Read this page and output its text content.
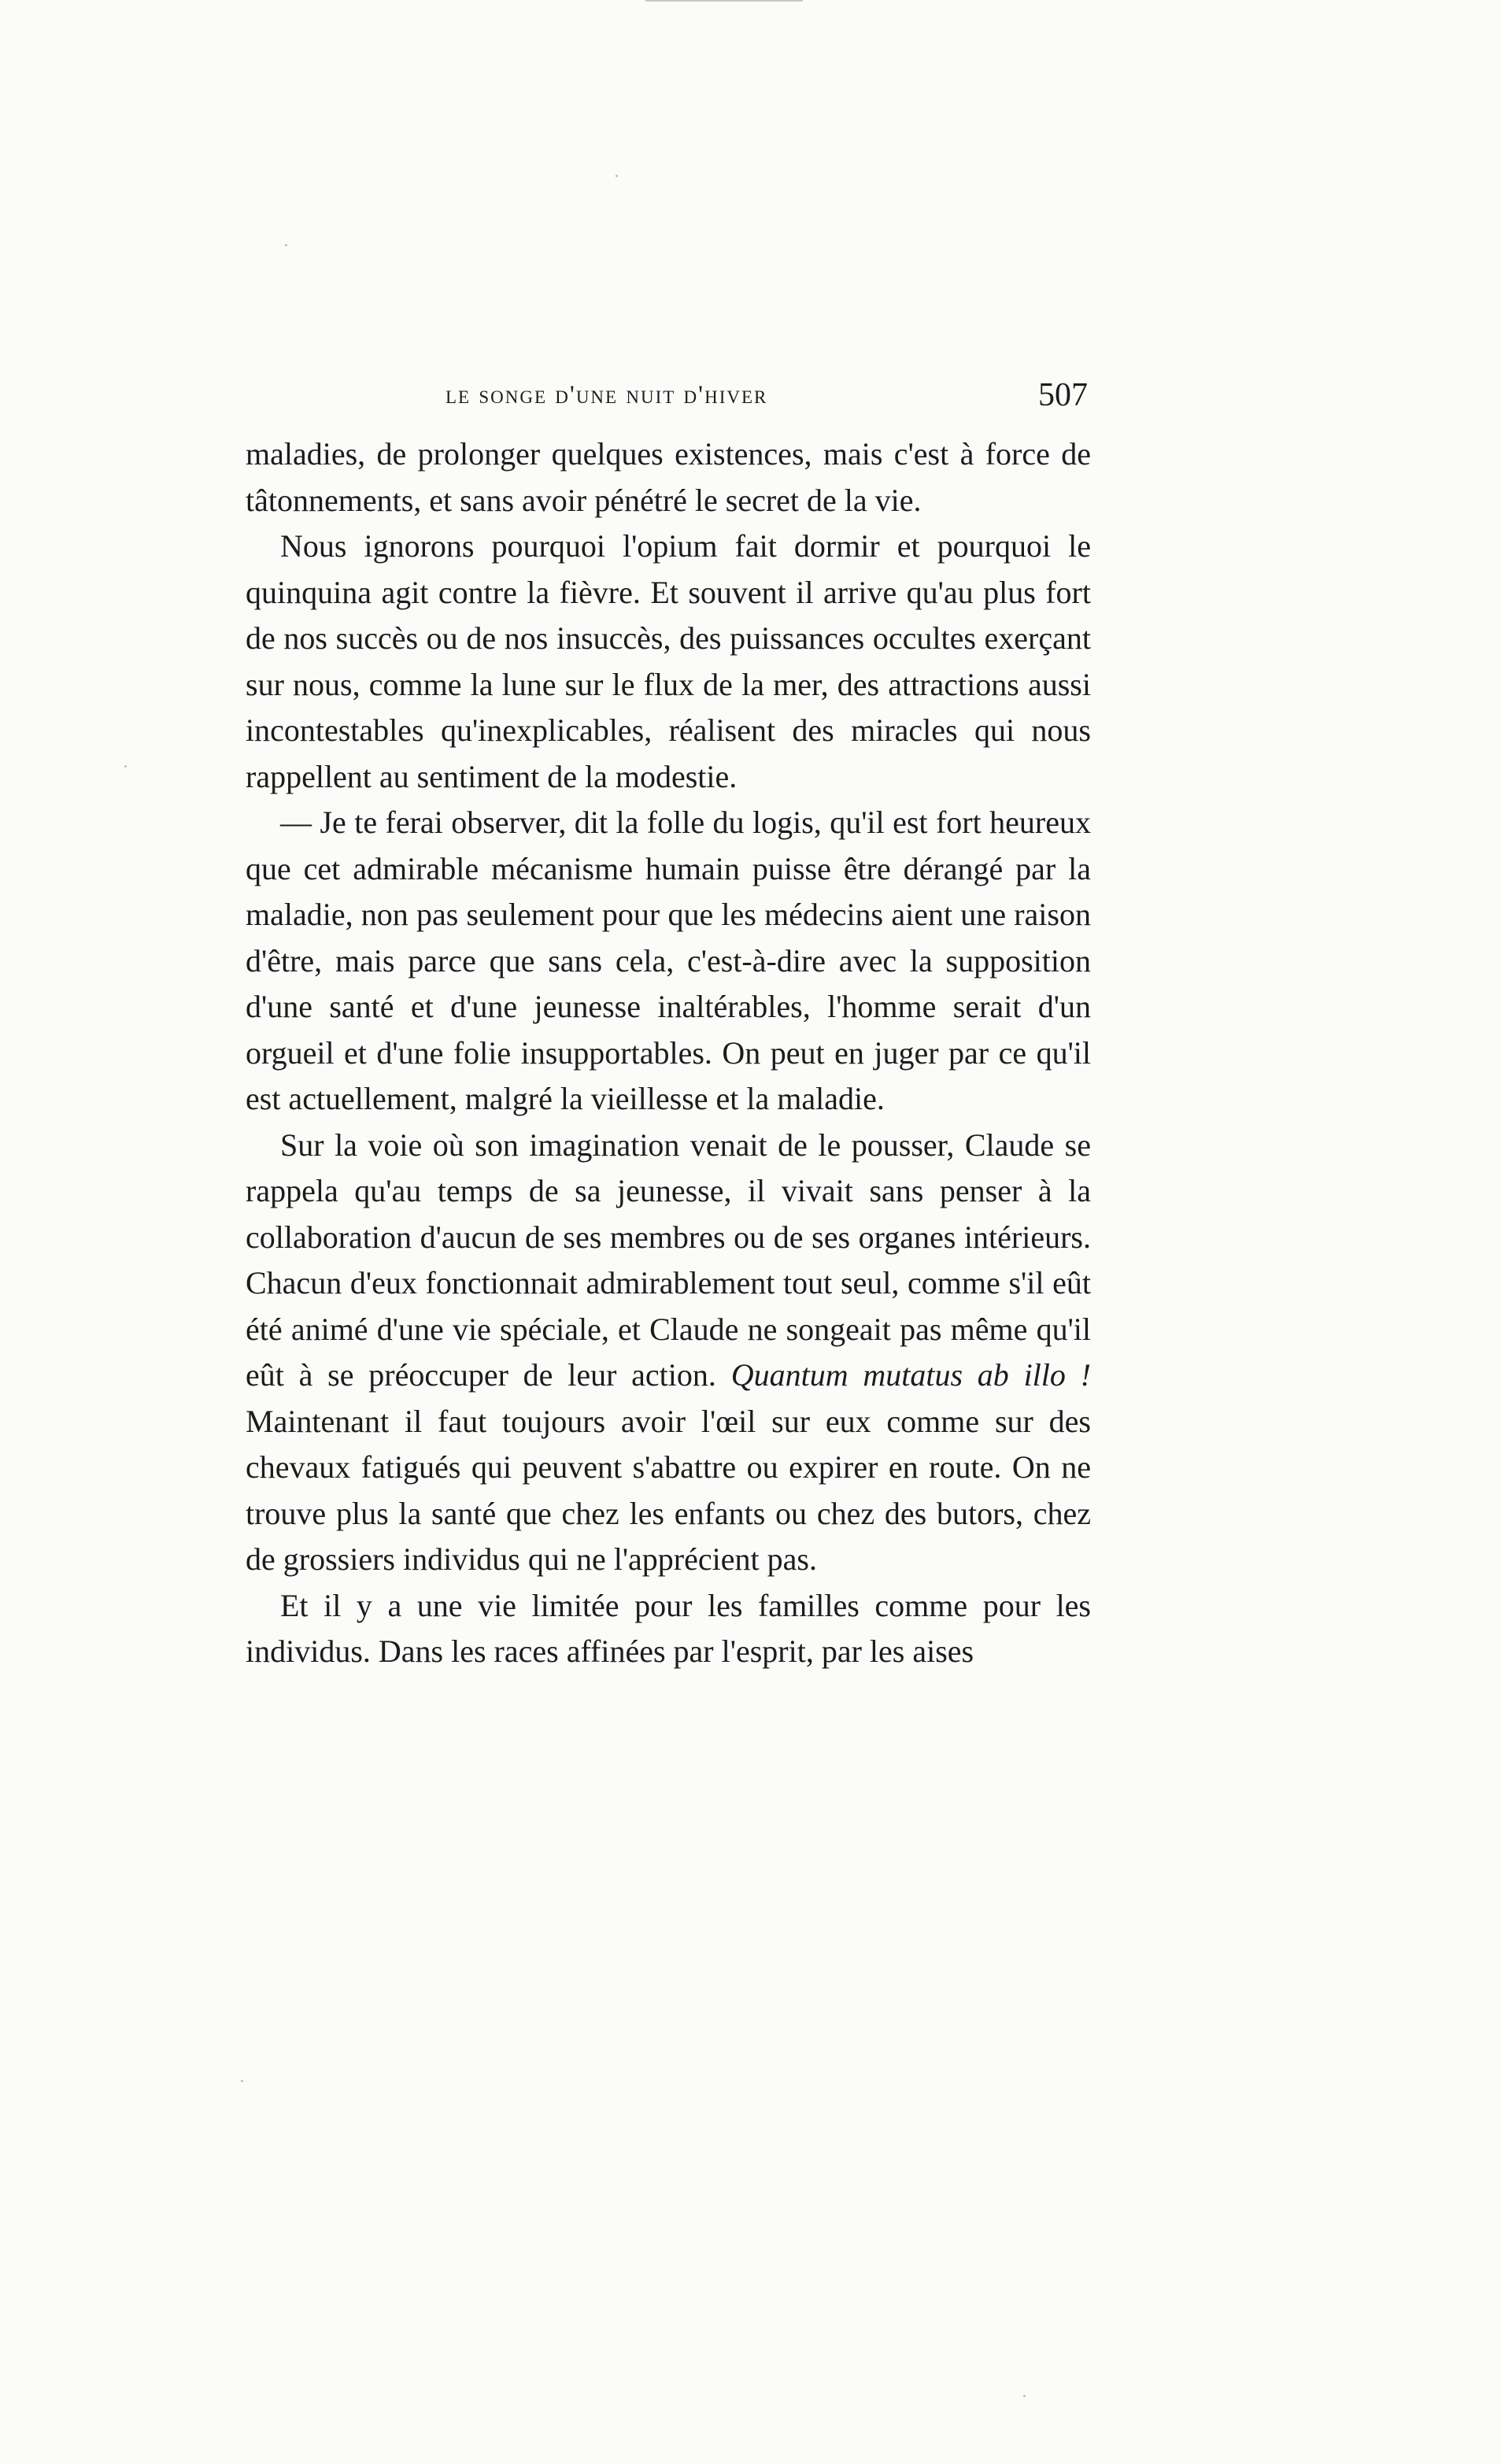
le songe d'une nuit d'hiver	507

maladies, de prolonger quelques existences, mais c'est à force de tâtonnements, et sans avoir pénétré le secret de la vie.

Nous ignorons pourquoi l'opium fait dormir et pourquoi le quinquina agit contre la fièvre. Et souvent il arrive qu'au plus fort de nos succès ou de nos insuccès, des puissances occultes exerçant sur nous, comme la lune sur le flux de la mer, des attractions aussi incontestables qu'inexplicables, réalisent des miracles qui nous rappellent au sentiment de la modestie.

— Je te ferai observer, dit la folle du logis, qu'il est fort heureux que cet admirable mécanisme humain puisse être dérangé par la maladie, non pas seulement pour que les médecins aient une raison d'être, mais parce que sans cela, c'est-à-dire avec la supposition d'une santé et d'une jeunesse inaltérables, l'homme serait d'un orgueil et d'une folie insupportables. On peut en juger par ce qu'il est actuellement, malgré la vieillesse et la maladie.

Sur la voie où son imagination venait de le pousser, Claude se rappela qu'au temps de sa jeunesse, il vivait sans penser à la collaboration d'aucun de ses membres ou de ses organes intérieurs. Chacun d'eux fonctionnait admirablement tout seul, comme s'il eût été animé d'une vie spéciale, et Claude ne songeait pas même qu'il eût à se préoccuper de leur action. Quantum mutatus ab illo ! Maintenant il faut toujours avoir l'œil sur eux comme sur des chevaux fatigués qui peuvent s'abattre ou expirer en route. On ne trouve plus la santé que chez les enfants ou chez des butors, chez de grossiers individus qui ne l'apprécient pas.

Et il y a une vie limitée pour les familles comme pour les individus. Dans les races affinées par l'esprit, par les aises
